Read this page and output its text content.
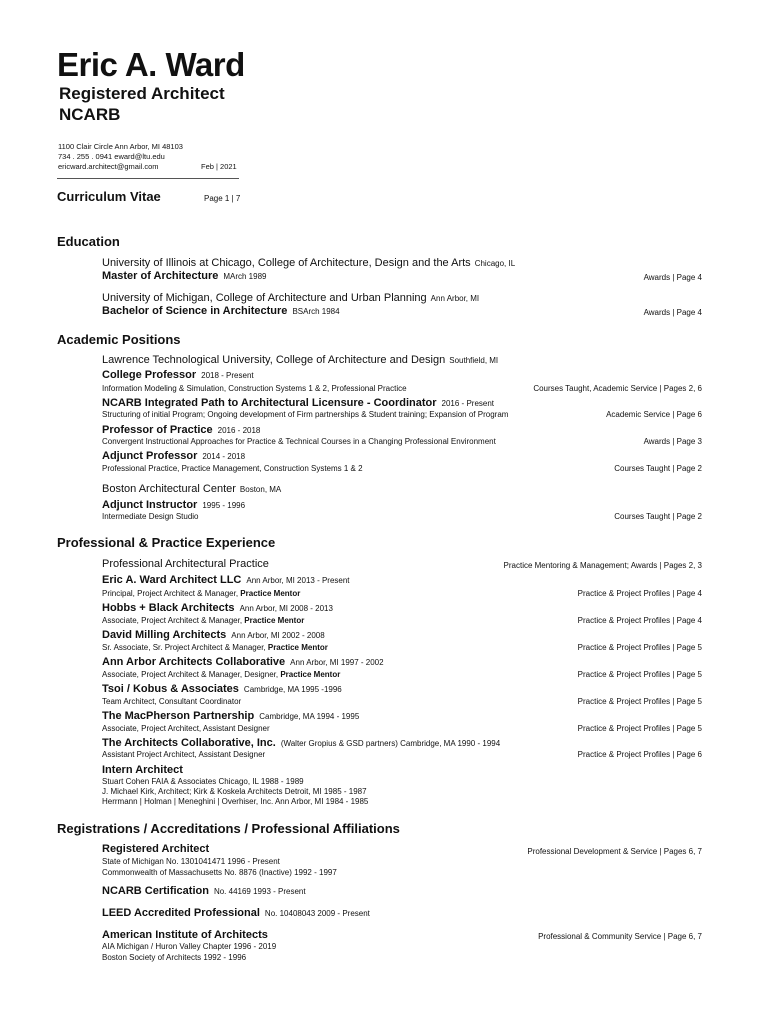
Eric A. Ward
Registered Architect
NCARB
1100 Clair Circle Ann Arbor, MI 48103
734 . 255 . 0941 eward@ltu.edu
ericward.architect@gmail.com	Feb | 2021
Curriculum Vitae	Page 1 | 7
Education
University of Illinois at Chicago, College of Architecture, Design and the Arts Chicago, IL
Master of Architecture MArch 1989	Awards | Page 4
University of Michigan, College of Architecture and Urban Planning Ann Arbor, MI
Bachelor of Science in Architecture BSArch 1984	Awards | Page 4
Academic Positions
Lawrence Technological University, College of Architecture and Design Southfield, MI
College Professor 2018 - Present
Information Modeling & Simulation, Construction Systems 1 & 2, Professional Practice	Courses Taught, Academic Service | Pages 2, 6
NCARB Integrated Path to Architectural Licensure - Coordinator 2016 - Present
Structuring of initial Program; Ongoing development of Firm partnerships & Student training; Expansion of Program	Academic Service | Page 6
Professor of Practice 2016 - 2018
Convergent Instructional Approaches for Practice & Technical Courses in a Changing Professional Environment	Awards | Page 3
Adjunct Professor 2014 - 2018
Professional Practice, Practice Management, Construction Systems 1 & 2	Courses Taught | Page 2
Boston Architectural Center Boston, MA
Adjunct Instructor 1995 - 1996
Intermediate Design Studio	Courses Taught | Page 2
Professional & Practice Experience
Professional Architectural Practice	Practice Mentoring & Management; Awards | Pages 2, 3
Eric A. Ward Architect LLC Ann Arbor, MI 2013 - Present
Principal, Project Architect & Manager, Practice Mentor	Practice & Project Profiles | Page 4
Hobbs + Black Architects Ann Arbor, MI 2008 - 2013
Associate, Project Architect & Manager, Practice Mentor	Practice & Project Profiles | Page 4
David Milling Architects Ann Arbor, MI 2002 - 2008
Sr. Associate, Sr. Project Architect & Manager, Practice Mentor	Practice & Project Profiles | Page 5
Ann Arbor Architects Collaborative Ann Arbor, MI 1997 - 2002
Associate, Project Architect & Manager, Designer, Practice Mentor	Practice & Project Profiles | Page 5
Tsoi / Kobus & Associates Cambridge, MA 1995 -1996
Team Architect, Consultant Coordinator	Practice & Project Profiles | Page 5
The MacPherson Partnership Cambridge, MA 1994 - 1995
Associate, Project Architect, Assistant Designer	Practice & Project Profiles | Page 5
The Architects Collaborative, Inc. (Walter Gropius & GSD partners) Cambridge, MA 1990 - 1994
Assistant Project Architect, Assistant Designer	Practice & Project Profiles | Page 6
Intern Architect
Stuart Cohen FAIA & Associates Chicago, IL 1988 - 1989
J. Michael Kirk, Architect; Kirk & Koskela Architects Detroit, MI 1985 - 1987
Herrmann | Holman | Meneghini | Overhiser, Inc. Ann Arbor, MI 1984 - 1985
Registrations / Accreditations / Professional Affiliations
Registered Architect	Professional Development & Service | Pages 6, 7
State of Michigan No. 1301041471 1996 - Present
Commonwealth of Massachusetts No. 8876 (Inactive) 1992 - 1997
NCARB Certification No. 44169 1993 - Present
LEED Accredited Professional No. 10408043 2009 - Present
American Institute of Architects	Professional & Community Service | Page 6, 7
AIA Michigan / Huron Valley Chapter 1996 - 2019
Boston Society of Architects 1992 - 1996
